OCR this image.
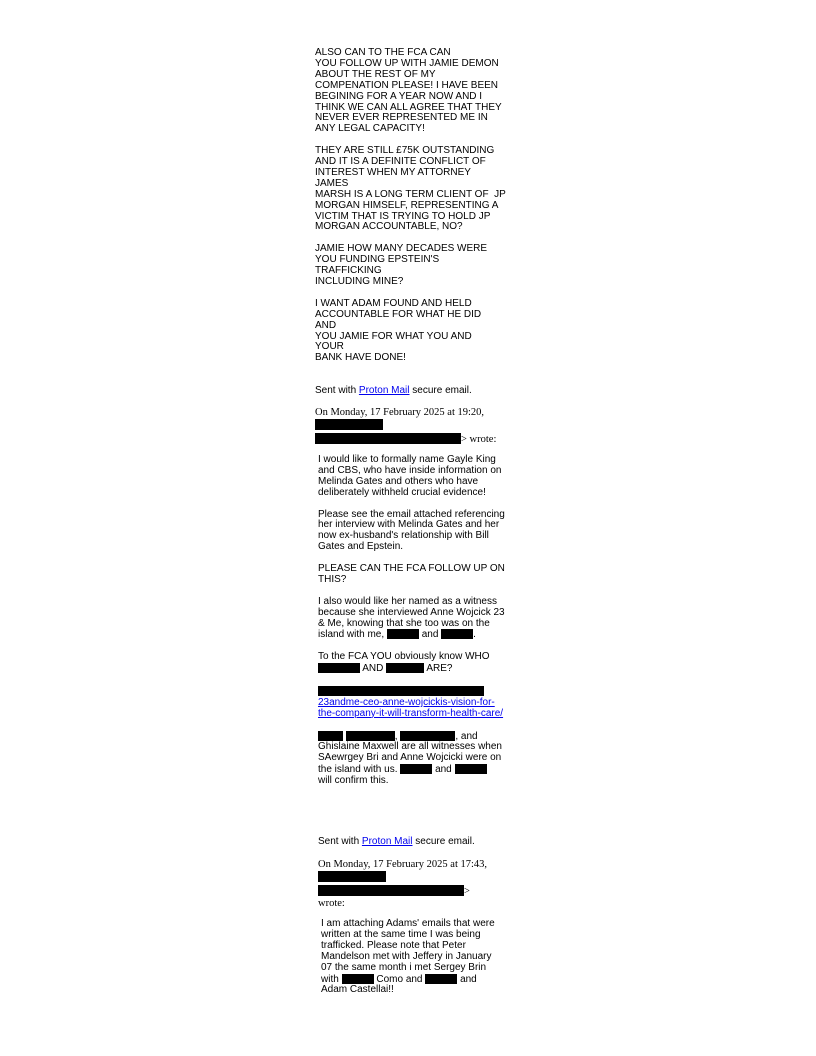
ALSO CAN TO THE FCA CAN
YOU FOLLOW UP WITH JAMIE DEMON
ABOUT THE REST OF MY
COMPENATION PLEASE! I HAVE BEEN
BEGINING FOR A YEAR NOW AND I
THINK WE CAN ALL AGREE THAT THEY
NEVER EVER REPRESENTED ME IN
ANY LEGAL CAPACITY!

THEY ARE STILL £75K OUTSTANDING
AND IT IS A DEFINITE CONFLICT OF
INTEREST WHEN MY ATTORNEY JAMES
MARSH IS A LONG TERM CLIENT OF  JP
MORGAN HIMSELF, REPRESENTING A
VICTIM THAT IS TRYING TO HOLD JP
MORGAN ACCOUNTABLE, NO?

JAMIE HOW MANY DECADES WERE
YOU FUNDING EPSTEIN'S TRAFFICKING
INCLUDING MINE?

I WANT ADAM FOUND AND HELD
ACCOUNTABLE FOR WHAT HE DID AND
YOU JAMIE FOR WHAT YOU AND YOUR
BANK HAVE DONE!

Sent with Proton Mail secure email.
On Monday, 17 February 2025 at 19:20,

> wrote:

I would like to formally name Gayle King
and CBS, who have inside information on
Melinda Gates and others who have
deliberately withheld crucial evidence!

Please see the email attached referencing
her interview with Melinda Gates and her
now ex-husband's relationship with Bill
Gates and Epstein.

PLEASE CAN THE FCA FOLLOW UP ON
THIS?

I also would like her named as a witness
because she interviewed Anne Wojcick 23
& Me, knowing that she too was on the
island with me,	and	.

To the FCA YOU obviously know WHO
AND	ARE?

23andme-ceo-anne-wojcickis-vision-for-
the-company-it-will-transform-health-care/

,	, and
Ghislaine Maxwell are all witnesses when
SAewrgey Bri and Anne Wojcicki were on
the island with us.	and
will confirm this.

Sent with Proton Mail secure email.
On Monday, 17 February 2025 at 17:43,

>
wrote:

I am attaching Adams' emails that were
written at the same time I was being
trafficked. Please note that Peter
Mandelson met with Jeffery in January
07 the same month i met Sergey Brin
with	Como and	and
Adam Castellai!!
